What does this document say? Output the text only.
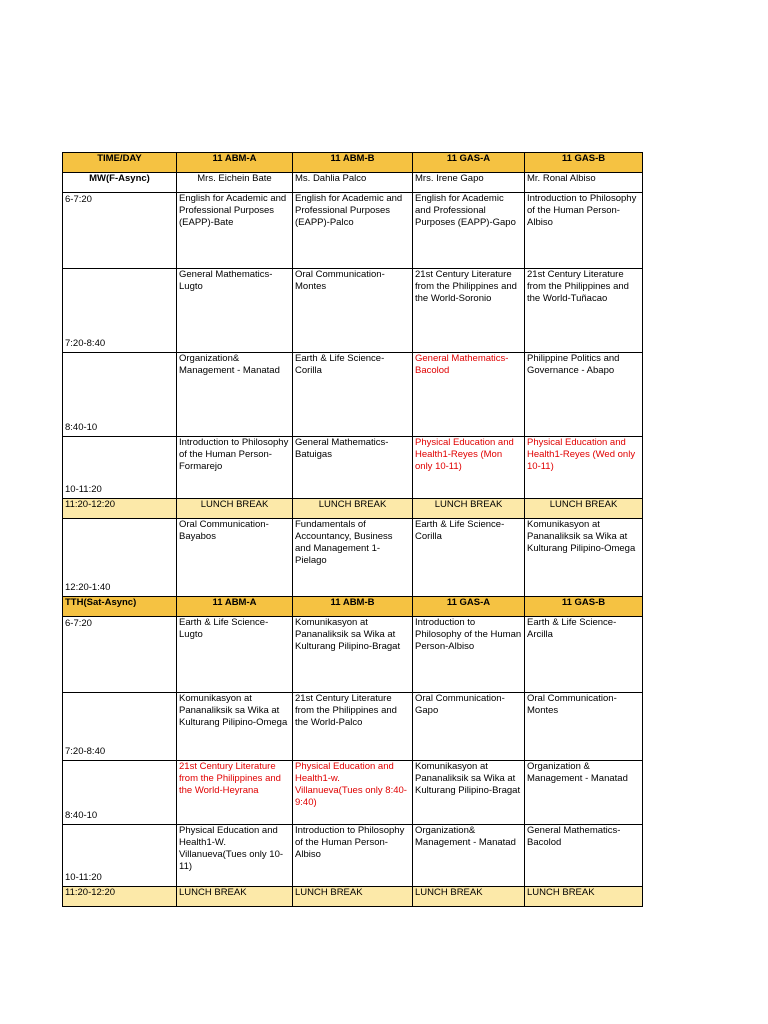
TIME/DAY	11 ABM-A	11 ABM-B	11 GAS-A	11 GAS-B
MW(F-Async)	Mrs. Eichein Bate	Ms. Dahlia Palco	Mrs. Irene Gapo	Mr. Ronal Albiso

6-7:20	English for Academic and Professional Purposes (EAPP)-Bate	English for Academic and Professional Purposes (EAPP)-Palco	English for Academic and Professional Purposes (EAPP)-Gapo	Introduction to Philosophy of the Human Person-Albiso

7:20-8:40	General Mathematics-Lugto	Oral Communication-Montes	21st Century Literature from the Philippines and the World-Soronio	21st Century Literature from the Philippines and the World-Tuñacao

8:40-10	Organization& Management - Manatad	Earth & Life Science-Corilla	General Mathematics-Bacolod	Philippine Politics and Governance - Abapo

10-11:20	Introduction to Philosophy of the Human Person-Formarejo	General Mathematics-Batuigas	Physical Education and Health1-Reyes (Mon only 10-11)	Physical Education and Health1-Reyes (Wed only 10-11)
11:20-12:20	LUNCH BREAK	LUNCH BREAK	LUNCH BREAK	LUNCH BREAK

12:20-1:40	Oral Communication-Bayabos	Fundamentals of Accountancy, Business and Management 1-Pielago	Earth & Life Science-Corilla	Komunikasyon at Pananaliksik sa Wika at Kulturang Pilipino-Omega
TTH(Sat-Async)	11 ABM-A	11 ABM-B	11 GAS-A	11 GAS-B

6-7:20	Earth & Life Science-Lugto	Komunikasyon at Pananaliksik sa Wika at Kulturang Pilipino-Bragat	Introduction to Philosophy of the Human Person-Albiso	Earth & Life Science-Arcilla

7:20-8:40	Komunikasyon at Pananaliksik sa Wika at Kulturang Pilipino-Omega	21st Century Literature from the Philippines and the World-Palco	Oral Communication-Gapo	Oral Communication-Montes

8:40-10	21st Century Literature from the Philippines and the World-Heyrana	Physical Education and Health1-w. Villanueva(Tues only 8:40-9:40)	Komunikasyon at Pananaliksik sa Wika at Kulturang Pilipino-Bragat	Organization & Management - Manatad

10-11:20	Physical Education and Health1-W. Villanueva(Tues only 10-11)	Introduction to Philosophy of the Human Person-Albiso	Organization& Management - Manatad	General Mathematics-Bacolod
11:20-12:20	LUNCH BREAK	LUNCH BREAK	LUNCH BREAK	LUNCH BREAK
